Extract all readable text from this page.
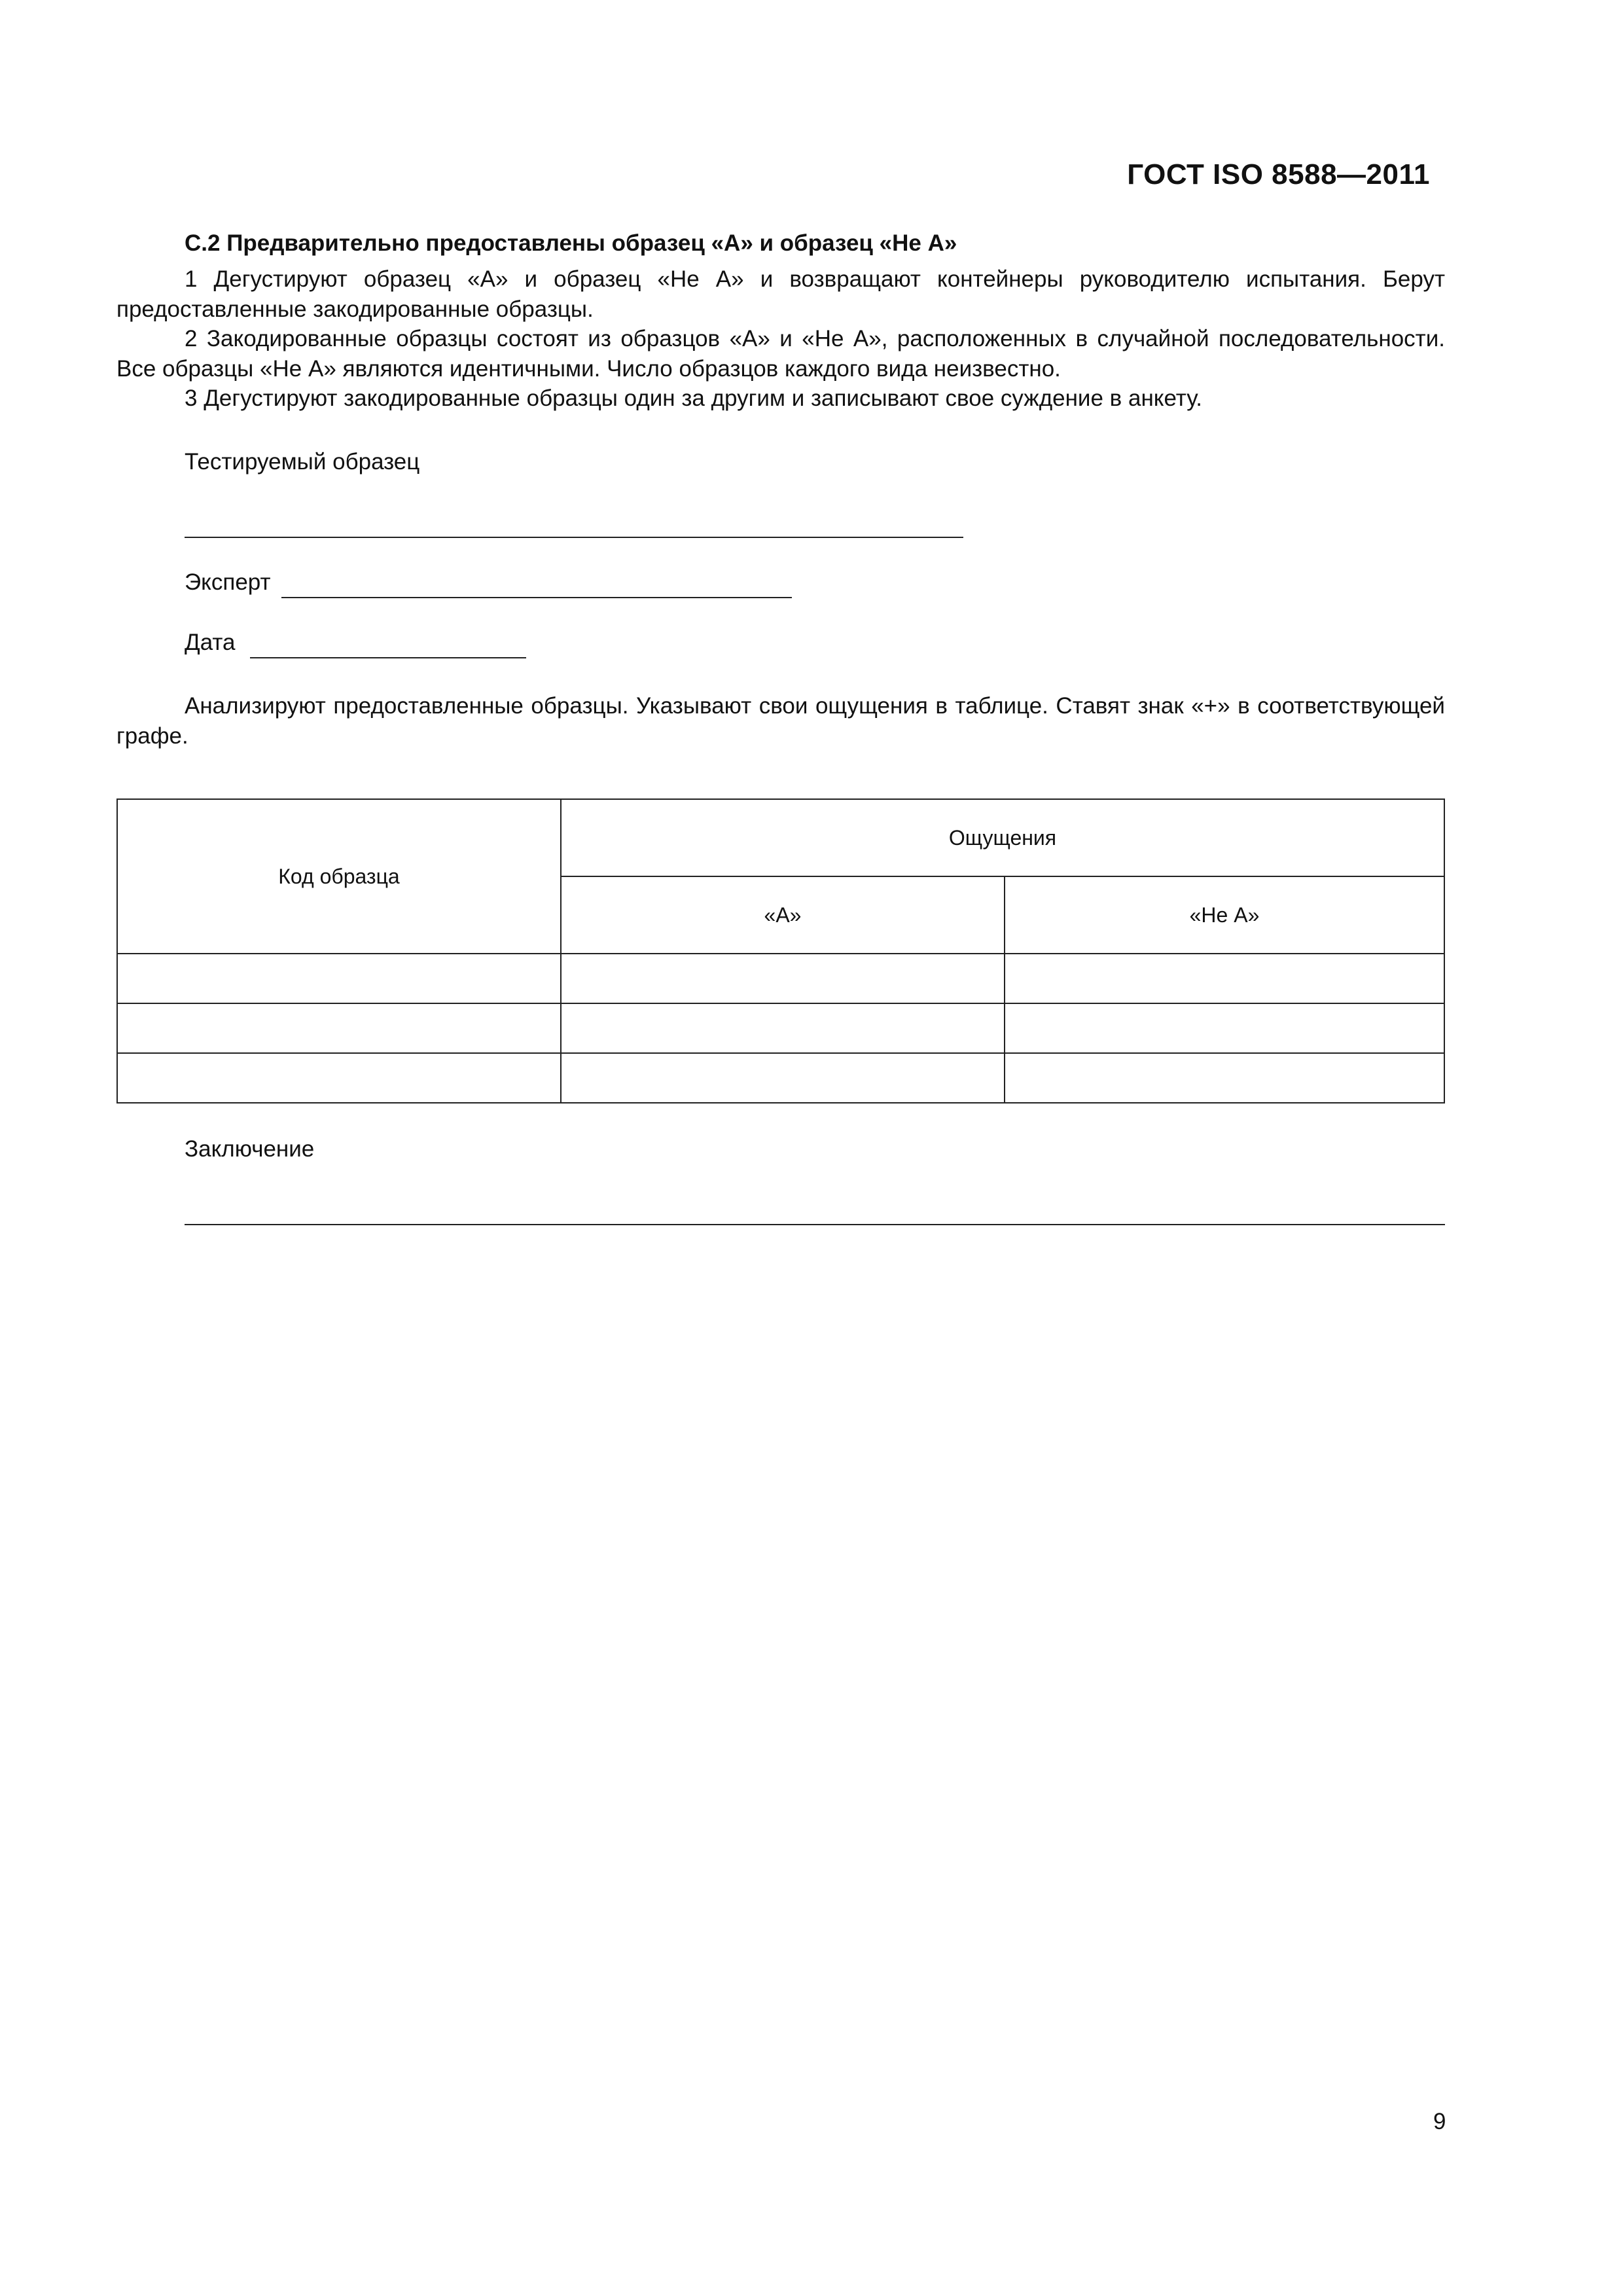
ГОСТ ISO 8588—2011
С.2 Предварительно предоставлены образец «А» и образец «Не А»
1 Дегустируют образец «А» и образец «Не А» и возвращают контейнеры руководителю испытания. Берут предоставленные закодированные образцы.
2 Закодированные образцы состоят из образцов «А» и «Не А», расположенных в случайной последовательности. Все образцы «Не А» являются идентичными. Число образцов каждого вида неизвестно.
3 Дегустируют закодированные образцы один за другим и записывают свое суждение в анкету.
Тестируемый образец
Эксперт
Дата
Анализируют предоставленные образцы. Указывают свои ощущения в таблице. Ставят знак «+» в соответствующей графе.
Код образца	Ощущения	
	«А»	«Не А»

Заключение
9
